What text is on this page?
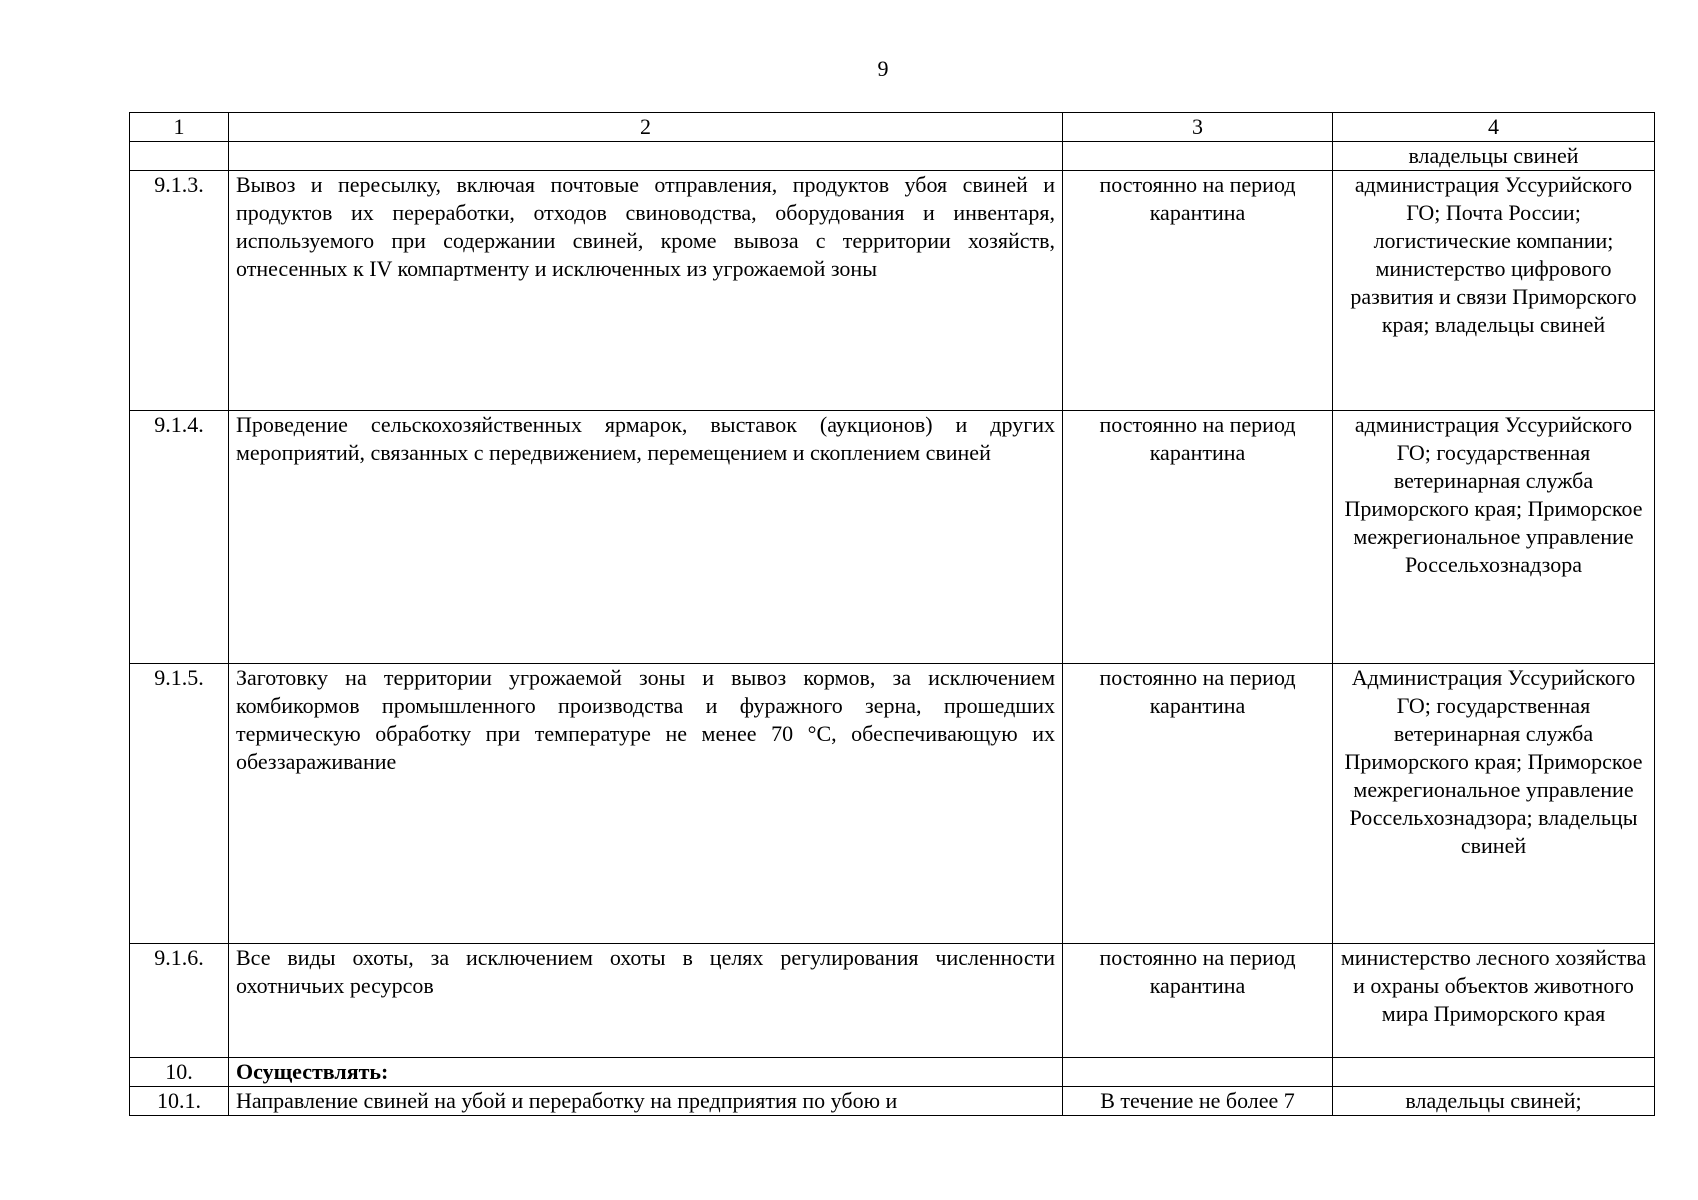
9
1	2	3	4
			владельцы свиней
9.1.3.	Вывоз и пересылку, включая почтовые отправления, продуктов убоя свиней и продуктов их переработки, отходов свиноводства, оборудования и инвентаря, используемого при содержании свиней, кроме вывоза с территории хозяйств, отнесенных к IV компартменту и исключенных из угрожаемой зоны	постоянно на период карантина	администрация Уссурийского ГО; Почта России; логистические компании; министерство цифрового развития и связи Приморского края; владельцы свиней
9.1.4.	Проведение сельскохозяйственных ярмарок, выставок (аукционов) и других мероприятий, связанных с передвижением, перемещением и скоплением свиней	постоянно на период карантина	администрация Уссурийского ГО; государственная ветеринарная служба Приморского края; Приморское межрегиональное управление Россельхознадзора
9.1.5.	Заготовку на территории угрожаемой зоны и вывоз кормов, за исключением комбикормов промышленного производства и фуражного зерна, прошедших термическую обработку при температуре не менее 70 °С, обеспечивающую их обеззараживание	постоянно на период карантина	Администрация Уссурийского ГО; государственная ветеринарная служба Приморского края; Приморское межрегиональное управление Россельхознадзора; владельцы свиней
9.1.6.	Все виды охоты, за исключением охоты в целях регулирования численности охотничьих ресурсов	постоянно на период карантина	министерство лесного хозяйства и охраны объектов животного мира Приморского края
10.	Осуществлять:		
10.1.	Направление свиней на убой и переработку на предприятия по убою и	В течение не более 7	владельцы свиней;
